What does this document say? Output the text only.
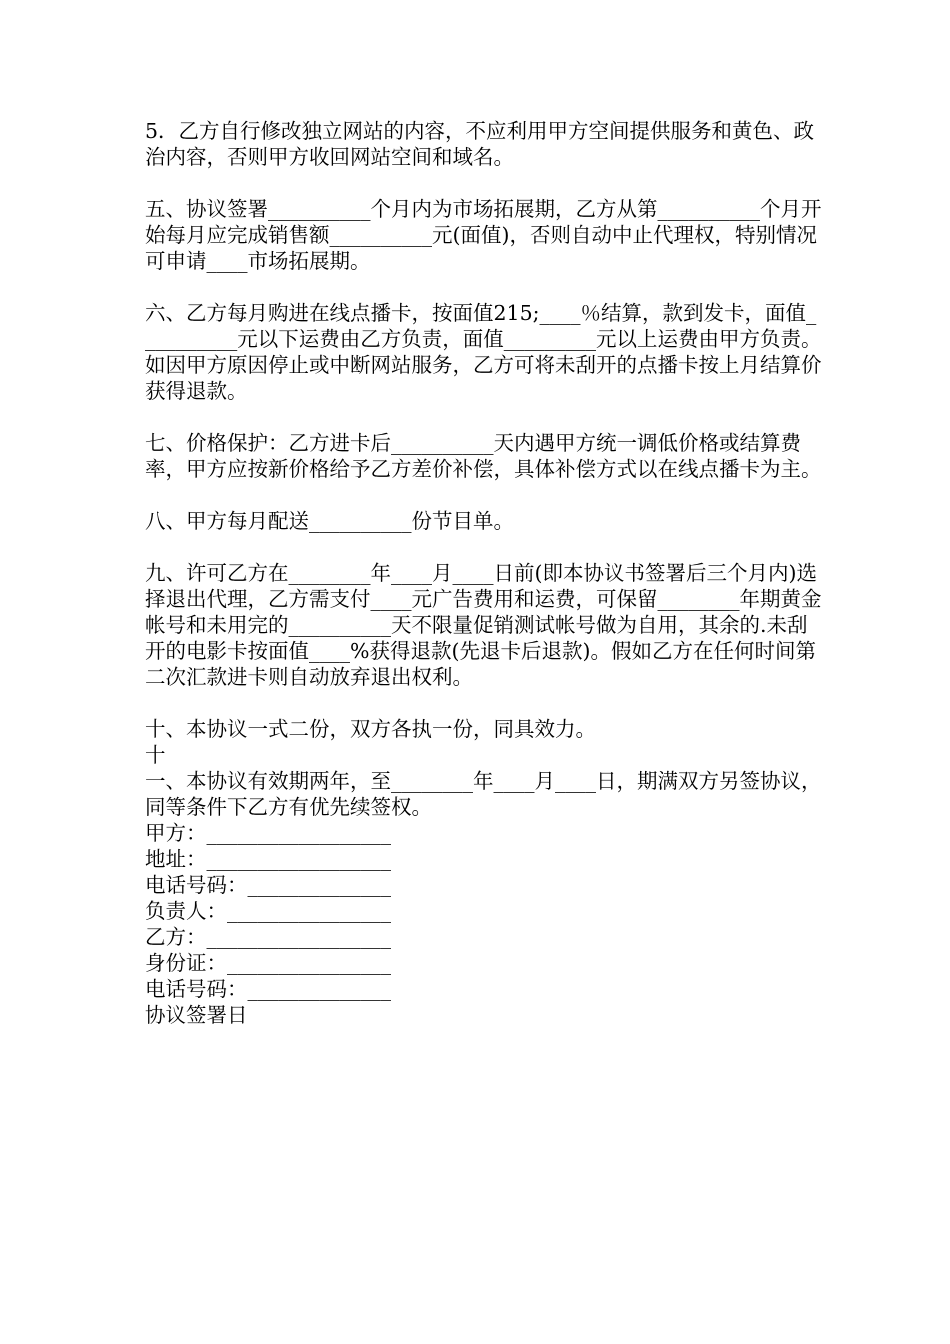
5．乙方自行修改独立网站的内容，不应利用甲方空间提供服务和黄色、政治内容，否则甲方收回网站空间和域名。

五、协议签署__________个月内为市场拓展期，乙方从第__________个月开始每月应完成销售额__________元(面值)，否则自动中止代理权，特别情况可申请____市场拓展期。

六、乙方每月购进在线点播卡，按面值215;____％结算，款到发卡，面值__________元以下运费由乙方负责，面值_________元以上运费由甲方负责。如因甲方原因停止或中断网站服务，乙方可将未刮开的点播卡按上月结算价获得退款。

七、价格保护：乙方进卡后__________天内遇甲方统一调低价格或结算费率，甲方应按新价格给予乙方差价补偿，具体补偿方式以在线点播卡为主。

八、甲方每月配送__________份节目单。

九、许可乙方在________年____月____日前(即本协议书签署后三个月内)选择退出代理，乙方需支付____元广告费用和运费，可保留________年期黄金帐号和未用完的__________天不限量促销测试帐号做为自用，其余的.未刮开的电影卡按面值____%获得退款(先退卡后退款)。假如乙方在任何时间第二次汇款进卡则自动放弃退出权利。

十、本协议一式二份，双方各执一份，同具效力。

十

一、本协议有效期两年，至________年____月____日，期满双方另签协议，同等条件下乙方有优先续签权。

甲方：__________________

地址：__________________

电话号码：______________

负责人：________________

乙方：__________________

身份证：________________

电话号码：______________

协议签署日
